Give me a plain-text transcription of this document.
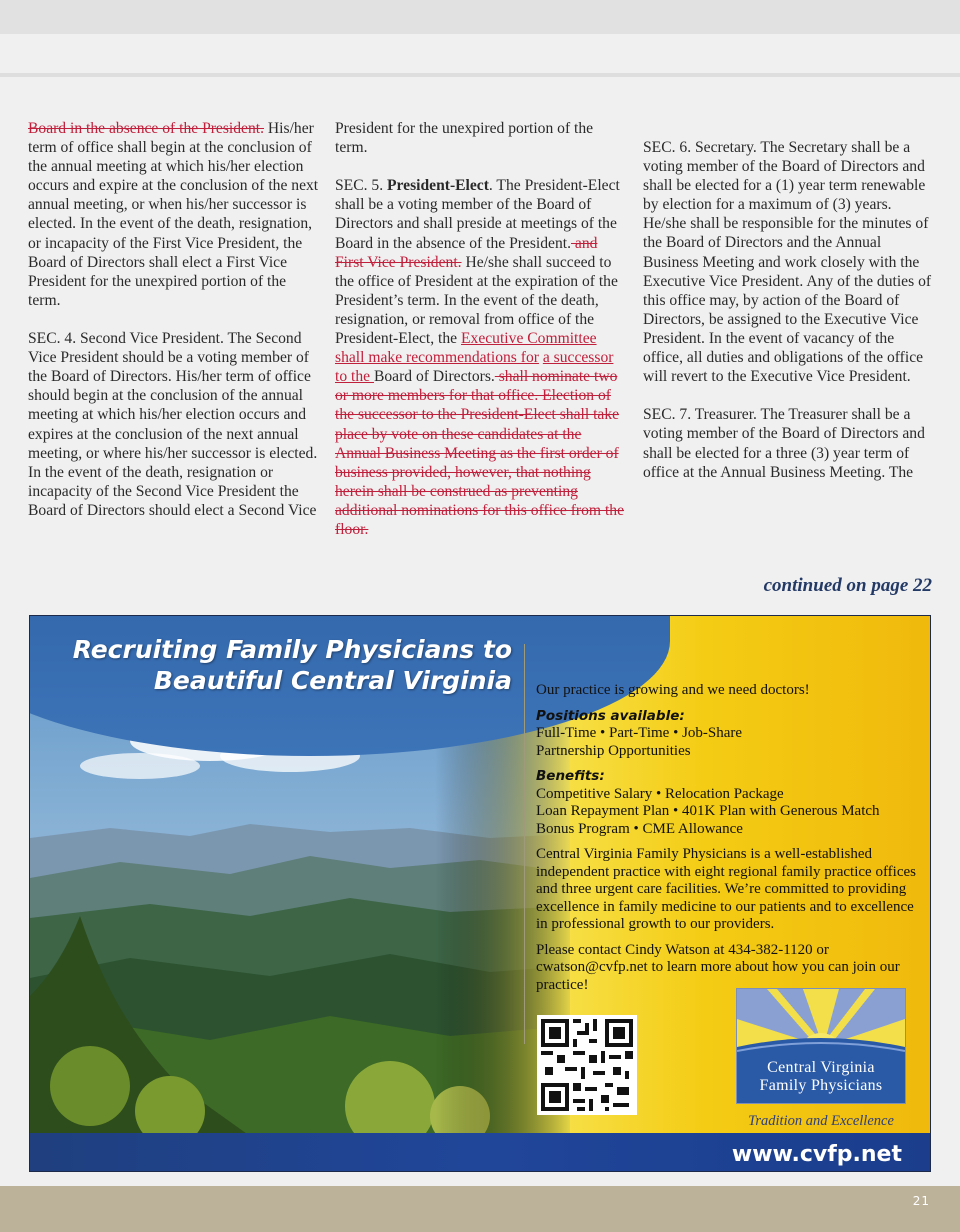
Board in the absence of the President. His/her term of office shall begin at the conclusion of the annual meeting at which his/her election occurs and expire at the conclusion of the next annual meeting, or when his/her successor is elected. In the event of the death, resignation, or incapacity of the First Vice President, the Board of Directors shall elect a First Vice President for the unexpired portion of the term.

SEC. 4. Second Vice President. The Second Vice President should be a voting member of the Board of Directors. His/her term of office should begin at the conclusion of the annual meeting at which his/her election occurs and expires at the conclusion of the next annual meeting, or where his/her successor is elected. In the event of the death, resignation or incapacity of the Second Vice President the Board of Directors should elect a Second Vice

President for the unexpired portion of the term.

SEC. 5. President-Elect. The President-Elect shall be a voting member of the Board of Directors and shall preside at meetings of the Board in the absence of the President. and First Vice President. He/she shall succeed to the office of President at the expiration of the President’s term. In the event of the death, resignation, or removal from office of the President-Elect, the Executive Committee shall make recommendations for a successor to the Board of Directors. shall nominate two or more members for that office. Election of the successor to the President-Elect shall take place by vote on these candidates at the Annual Business Meeting as the first order of business provided, however, that nothing herein shall be construed as preventing additional nominations for this office from the floor.

SEC. 6. Secretary. The Secretary shall be a voting member of the Board of Directors and shall be elected for a (1) year term renewable by election for a maximum of (3) years. He/she shall be responsible for the minutes of the Board of Directors and the Annual Business Meeting and work closely with the Executive Vice President. Any of the duties of this office may, by action of the Board of Directors, be assigned to the Executive Vice President. In the event of vacancy of the office, all duties and obligations of the office will revert to the Executive Vice President.

SEC. 7. Treasurer. The Treasurer shall be a voting member of the Board of Directors and shall be elected for a three (3) year term of office at the Annual Business Meeting. The

continued on page 22
Recruiting Family Physicians to
Beautiful Central Virginia Our practice is growing and we need doctors!

Positions available:
Full-Time • Part-Time • Job-Share
Partnership Opportunities

Benefits:
Competitive Salary • Relocation Package
Loan Repayment Plan • 401K Plan with Generous Match
Bonus Program • CME Allowance

Central Virginia Family Physicians is a well-established independent practice with eight regional family practice offices and three urgent care facilities. We’re committed to providing excellence in family medicine to our patients and to excellence in professional growth to our providers.

Please contact Cindy Watson at 434-382-1120 or cwatson@cvfp.net to learn more about how you can join our practice!

Central Virginia
Family Physicians
Tradition and Excellence
www.cvfp.net
21
